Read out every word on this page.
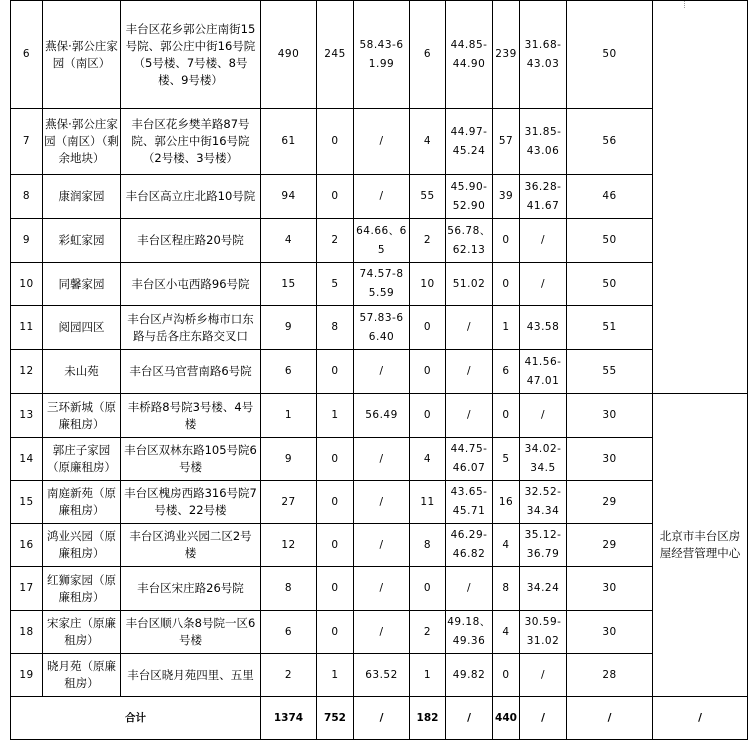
6	燕保·郭公庄家园（南区）	丰台区花乡郭公庄南街15号院、郭公庄中街16号院（5号楼、7号楼、8号楼、9号楼）	490	245	58.43-61.99	6	44.85-44.90	239	31.68-43.03	50	
7	燕保·郭公庄家园（南区）（剩余地块）	丰台区花乡樊羊路87号院、郭公庄中街16号院（2号楼、3号楼）	61	0	/	4	44.97-45.24	57	31.85-43.06	56	
8	康润家园	丰台区高立庄北路10号院	94	0	/	55	45.90-52.90	39	36.28-41.67	46	
9	彩虹家园	丰台区程庄路20号院	4	2	64.66、65	2	56.78、62.13	0	/	50	
10	同馨家园	丰台区小屯西路96号院	15	5	74.57-85.59	10	51.02	0	/	50	
11	阅园四区	丰台区卢沟桥乡梅市口东路与岳各庄东路交叉口	9	8	57.83-66.40	0	/	1	43.58	51	
12	未山苑	丰台区马官营南路6号院	6	0	/	0	/	6	41.56-47.01	55	
13	三环新城（原廉租房）	丰桥路8号院3号楼、4号楼	1	1	56.49	0	/	0	/	30	北京市丰台区房屋经营管理中心
14	郭庄子家园（原廉租房）	丰台区双林东路105号院6号楼	9	0	/	4	44.75-46.07	5	34.02-34.5	30	
15	南庭新苑（原廉租房）	丰台区槐房西路316号院7号楼、22号楼	27	0	/	11	43.65-45.71	16	32.52-34.34	29	
16	鸿业兴园（原廉租房）	丰台区鸿业兴园二区2号楼	12	0	/	8	46.29-46.82	4	35.12-36.79	29	
17	红狮家园（原廉租房）	丰台区宋庄路26号院	8	0	/	0	/	8	34.24	30	
18	宋家庄（原廉租房）	丰台区顺八条8号院一区6号楼	6	0	/	2	49.18、49.36	4	30.59-31.02	30	
19	晓月苑（原廉租房）	丰台区晓月苑四里、五里	2	1	63.52	1	49.82	0	/	28	
合计			1374	752	/	182	/	440	/	/	/
